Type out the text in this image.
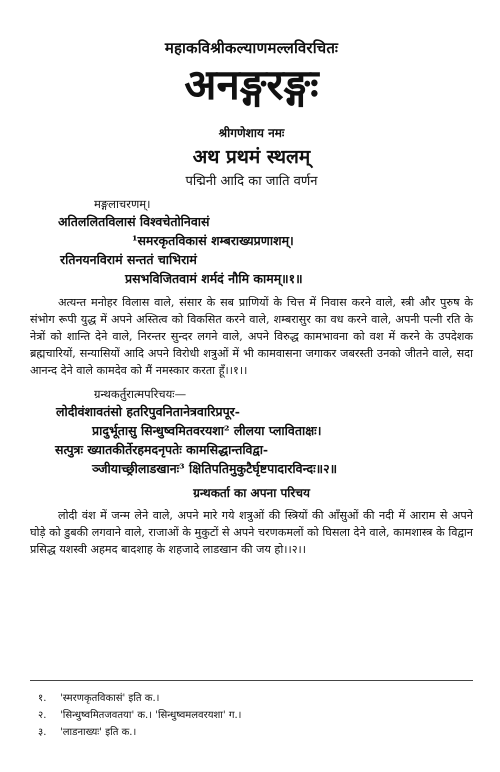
महाकविश्रीकल्याणमल्लविरचितः
अनङ्गरङ्गः
श्रीगणेशाय नमः
अथ प्रथमं स्थलम्
पद्मिनी आदि का जाति वर्णन
मङ्गलाचरणम्।
अतिललितविलासं विश्वचेतोनिवासं
¹समरकृतविकासं शम्बराख्यप्रणाशम्।
रतिनयनविरामं सन्ततं चाभिरामं
प्रसभविजितवामं शर्मदं नौमि कामम्॥१॥
अत्यन्त मनोहर विलास वाले, संसार के सब प्राणियों के चित्त में निवास करने वाले, स्त्री और पुरुष के संभोग रूपी युद्ध में अपने अस्तित्व को विकसित करने वाले, शम्बरासुर का वध करने वाले, अपनी पत्नी रति के नेत्रों को शान्ति देने वाले, निरन्तर सुन्दर लगने वाले, अपने विरुद्ध कामभावना को वश में करने के उपदेशक ब्रह्मचारियों, सन्यासियों आदि अपने विरोधी शत्रुओं में भी कामवासना जगाकर जबरस्ती उनको जीतने वाले, सदा आनन्द देने वाले कामदेव को मैं नमस्कार करता हूँ।।१।।
ग्रन्थकर्तुरात्मपरिचयः—
लोदीवंशावतंसो हतरिपुवनितानेत्रवारिप्रपूर-
प्रादुर्भूतासु सिन्धुष्वमितवरयशा² लीलया प्लाविताक्षः।
सत्पुत्रः ख्यातकीर्तेरहमदनृपतेः कामसिद्धान्तविद्वा-
ञ्जीयाच्छ्रीलाडखानः³ क्षितिपतिमुकुटैर्घृष्टपादारविन्दः॥२॥
ग्रन्थकर्ता का अपना परिचय
लोदी वंश में जन्म लेने वाले, अपने मारे गये शत्रुओं की स्त्रियों की आँसुओं की नदी में आराम से अपने घोड़े को डुबकी लगवाने वाले, राजाओं के मुकुटों से अपने चरणकमलों को घिसला देने वाले, कामशास्त्र के विद्वान प्रसिद्ध यशस्वी अहमद बादशाह के शहजादे लाडखान की जय हो।।२।।
१. 'स्मरणकृतविकासं' इति क.।
२. 'सिन्धुष्वमितजवतया' क.। 'सिन्धुष्वमलवरयशा' ग.।
३. 'लाडनाख्यः' इति क.।
